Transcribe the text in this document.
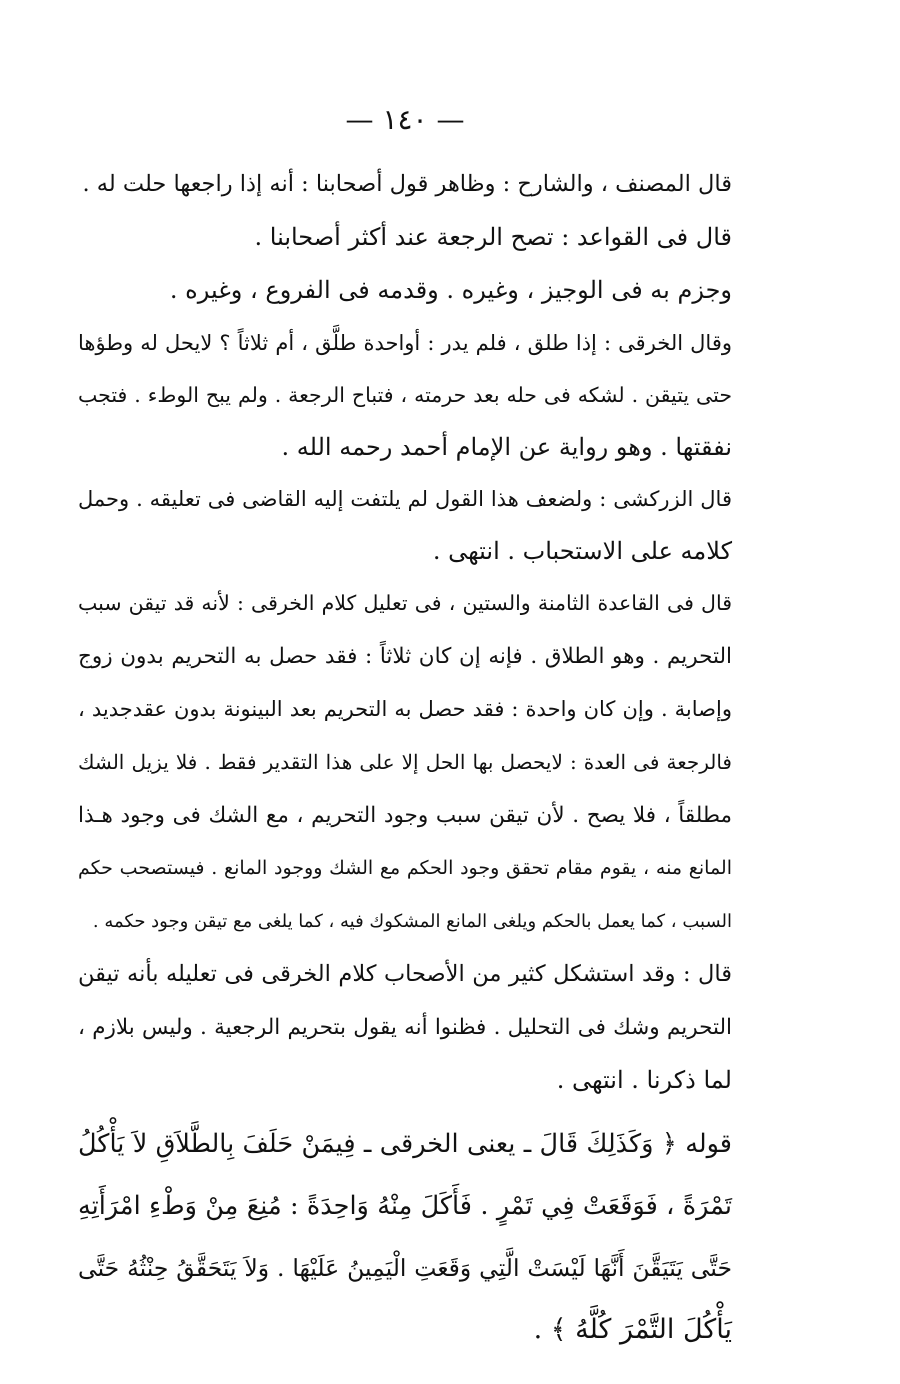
— ١٤٠ —
قال المصنف ، والشارح : وظاهر قول أصحابنا : أنه إذا راجعها حلت له .
قال فى القواعد : تصح الرجعة عند أكثر أصحابنا .
وجزم به فى الوجيز ، وغيره . وقدمه فى الفروع ، وغيره .
وقال الخرقى : إذا طلق ، فلم يدر : أواحدة طلَّق ، أم ثلاثاً ؟ لايحل له وطؤها
حتى يتيقن . لشكه فى حله بعد حرمته ، فتباح الرجعة . ولم يبح الوطء . فتجب
نفقتها . وهو رواية عن الإمام أحمد رحمه الله .
قال الزركشى : ولضعف هذا القول لم يلتفت إليه القاضى فى تعليقه . وحمل
كلامه على الاستحباب . انتهى .
قال فى القاعدة الثامنة والستين ، فى تعليل كلام الخرقى : لأنه قد تيقن سبب
التحريم . وهو الطلاق . فإنه إن كان ثلاثاً : فقد حصل به التحريم بدون زوج
وإصابة . وإن كان واحدة : فقد حصل به التحريم بعد البينونة بدون عقدجديد ،
فالرجعة فى العدة : لايحصل بها الحل إلا على هذا التقدير فقط . فلا يزيل الشك
مطلقاً ، فلا يصح . لأن تيقن سبب وجود التحريم ، مع الشك فى وجود هـذا
المانع منه ، يقوم مقام تحقق وجود الحكم مع الشك ووجود المانع . فيستصحب حكم
السبب ، كما يعمل بالحكم ويلغى المانع المشكوك فيه ، كما يلغى مع تيقن وجود حكمه .
قال : وقد استشكل كثير من الأصحاب كلام الخرقى فى تعليله بأنه تيقن
التحريم وشك فى التحليل . فظنوا أنه يقول بتحريم الرجعية . وليس بلازم ،
لما ذكرنا . انتهى .
قوله ﴿ وَكَذَلِكَ قَالَ ـ يعنى الخرقى ـ فِيمَنْ حَلَفَ بِالطَّلاَقِ لاَ يَأْكُلُ
تَمْرَةً ، فَوَقَعَتْ فِي تَمْرٍ . فَأَكَلَ مِنْهُ وَاحِدَةً : مُنِعَ مِنْ وَطْءِ امْرَأَتِهِ
حَتَّى يَتَيَقَّنَ أَنَّهَا لَيْسَتْ الَّتِي وَقَعَتِ الْيَمِينُ عَلَيْهَا . وَلاَ يَتَحَقَّقُ حِنْثُهُ حَتَّى
يَأْكُلَ التَّمْرَ كُلَّهُ ﴾ .
